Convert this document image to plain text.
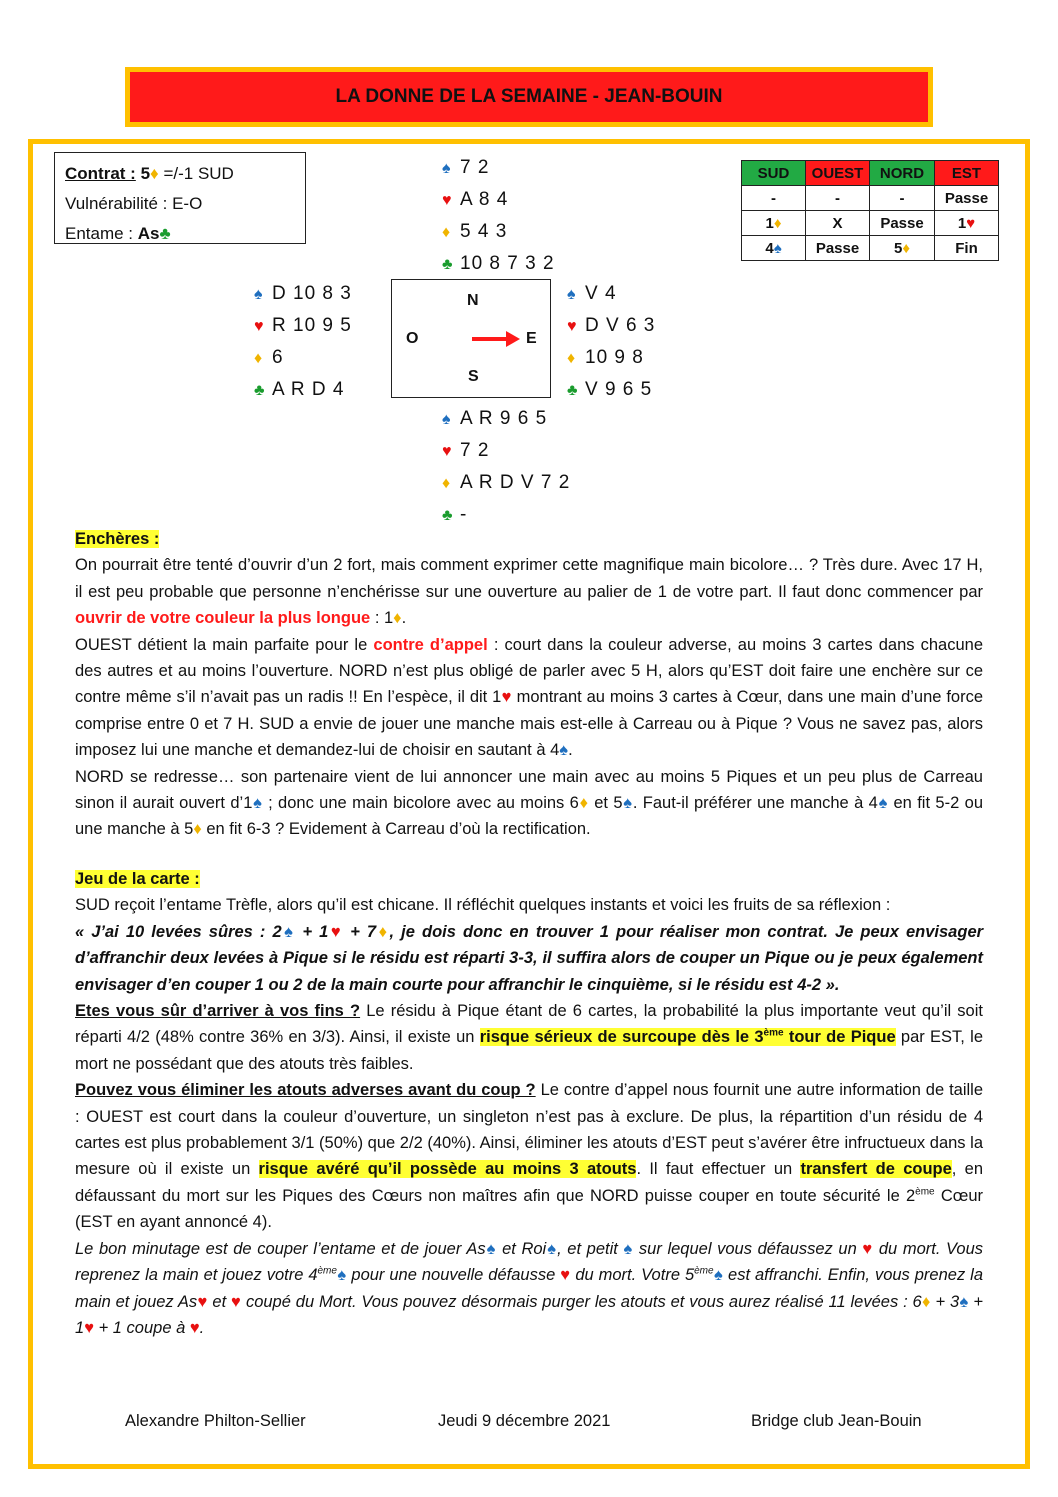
LA DONNE DE LA SEMAINE - JEAN-BOUIN
Contrat : 5♦ =/-1 SUD
Vulnérabilité : E-O
Entame : As♣
♠ 7 2
♥ A 8 4
♦ 5 4 3
♣ 10 8 7 3 2
♠ D 10 8 3
♥ R 10 9 5
♦ 6
♣ A R D 4
N
O	E
S
♠ V 4
♥ D V 6 3
♦ 10 9 8
♣ V 9 6 5
♠ A R 9 6 5
♥ 7 2
♦ A R D V 7 2
♣ -
SUD	OUEST	NORD	EST
-	-	-	Passe
1♦	X	Passe	1♥
4♠	Passe	5♦	Fin
Enchères :
On pourrait être tenté d’ouvrir d’un 2 fort, mais comment exprimer cette magnifique main bicolore… ? Très dure. Avec 17 H, il est peu probable que personne n’enchérisse sur une ouverture au palier de 1 de votre part. Il faut donc commencer par ouvrir de votre couleur la plus longue : 1♦.
OUEST détient la main parfaite pour le contre d’appel : court dans la couleur adverse, au moins 3 cartes dans chacune des autres et au moins l’ouverture. NORD n’est plus obligé de parler avec 5 H, alors qu’EST doit faire une enchère sur ce contre même s’il n’avait pas un radis !! En l’espèce, il dit 1♥ montrant au moins 3 cartes à Cœur, dans une main d’une force comprise entre 0 et 7 H. SUD a envie de jouer une manche mais est-elle à Carreau ou à Pique ? Vous ne savez pas, alors imposez lui une manche et demandez-lui de choisir en sautant à 4♠.
NORD se redresse… son partenaire vient de lui annoncer une main avec au moins 5 Piques et un peu plus de Carreau sinon il aurait ouvert d’1♠ ; donc une main bicolore avec au moins 6♦ et 5♠. Faut-il préférer une manche à 4♠ en fit 5-2 ou une manche à 5♦ en fit 6-3 ? Evidement à Carreau d’où la rectification.
Jeu de la carte :
SUD reçoit l’entame Trèfle, alors qu’il est chicane. Il réfléchit quelques instants et voici les fruits de sa réflexion :
« J’ai 10 levées sûres : 2♠ + 1♥ + 7♦, je dois donc en trouver 1 pour réaliser mon contrat. Je peux envisager d’affranchir deux levées à Pique si le résidu est réparti 3-3, il suffira alors de couper un Pique ou je peux également envisager d’en couper 1 ou 2 de la main courte pour affranchir le cinquième, si le résidu est 4-2 ».
Etes vous sûr d’arriver à vos fins ? Le résidu à Pique étant de 6 cartes, la probabilité la plus importante veut qu’il soit réparti 4/2 (48% contre 36% en 3/3). Ainsi, il existe un risque sérieux de surcoupe dès le 3ème tour de Pique par EST, le mort ne possédant que des atouts très faibles.
Pouvez vous éliminer les atouts adverses avant du coup ? Le contre d’appel nous fournit une autre information de taille : OUEST est court dans la couleur d’ouverture, un singleton n’est pas à exclure. De plus, la répartition d’un résidu de 4 cartes est plus probablement 3/1 (50%) que 2/2 (40%). Ainsi, éliminer les atouts d’EST peut s’avérer être infructueux dans la mesure où il existe un risque avéré qu’il possède au moins 3 atouts. Il faut effectuer un transfert de coupe, en défaussant du mort sur les Piques des Cœurs non maîtres afin que NORD puisse couper en toute sécurité le 2ème Cœur (EST en ayant annoncé 4).
Le bon minutage est de couper l’entame et de jouer As♠ et Roi♠, et petit ♠ sur lequel vous défaussez un ♥ du mort. Vous reprenez la main et jouez votre 4ème♠ pour une nouvelle défausse ♥ du mort. Votre 5ème♠ est affranchi. Enfin, vous prenez la main et jouez As♥ et ♥ coupé du Mort. Vous pouvez désormais purger les atouts et vous aurez réalisé 11 levées : 6♦ + 3♠ + 1♥ + 1 coupe à ♥.
Alexandre Philton-Sellier	Jeudi 9 décembre 2021	Bridge club Jean-Bouin
